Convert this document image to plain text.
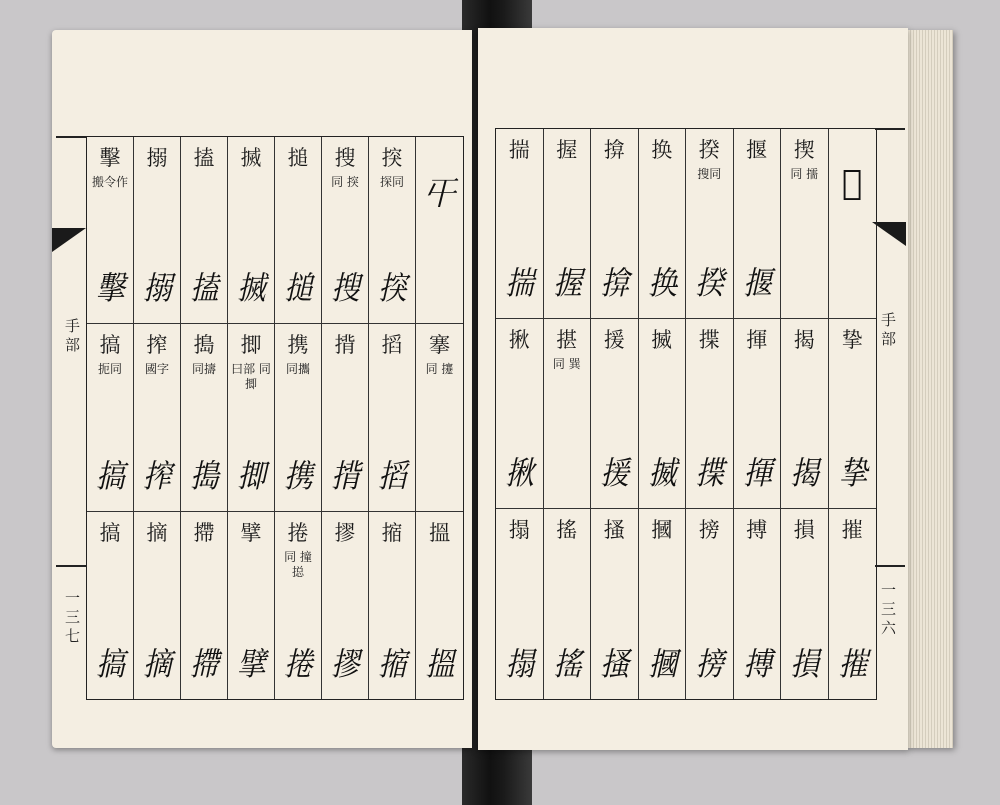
手部
一三七
手部
一三六
擊
搬令作
擊
搦
搦
搕
搕
搣
搣
搥
搥
搜
同 揬
搜
揬
探同
揬
𡕒
搞
扼同
搞
搾
國字
搾
搗
同擣
搗
揤
曰部 同揤
揤
携
同攜
携
揹
揹
搯
搯
搴
同 攓
搞
搞
摘
摘
摕
摕
擘
擘
捲
同 撞 搃
捲
摎
摎
摍
摍
搵
搵
揣
揣
握
握
揜
揜
换
换
揆
搜同
揆
揠
揠
揳
同 擩 𨛜
揪
揪
揕
同 巽
援
援
揻
揻
揲
揲
揮
揮
揭
揭
挚
挚
搨
搨
搖
搖
搔
搔
摑
摑
搒
搒
搏
搏
損
損
摧
摧
